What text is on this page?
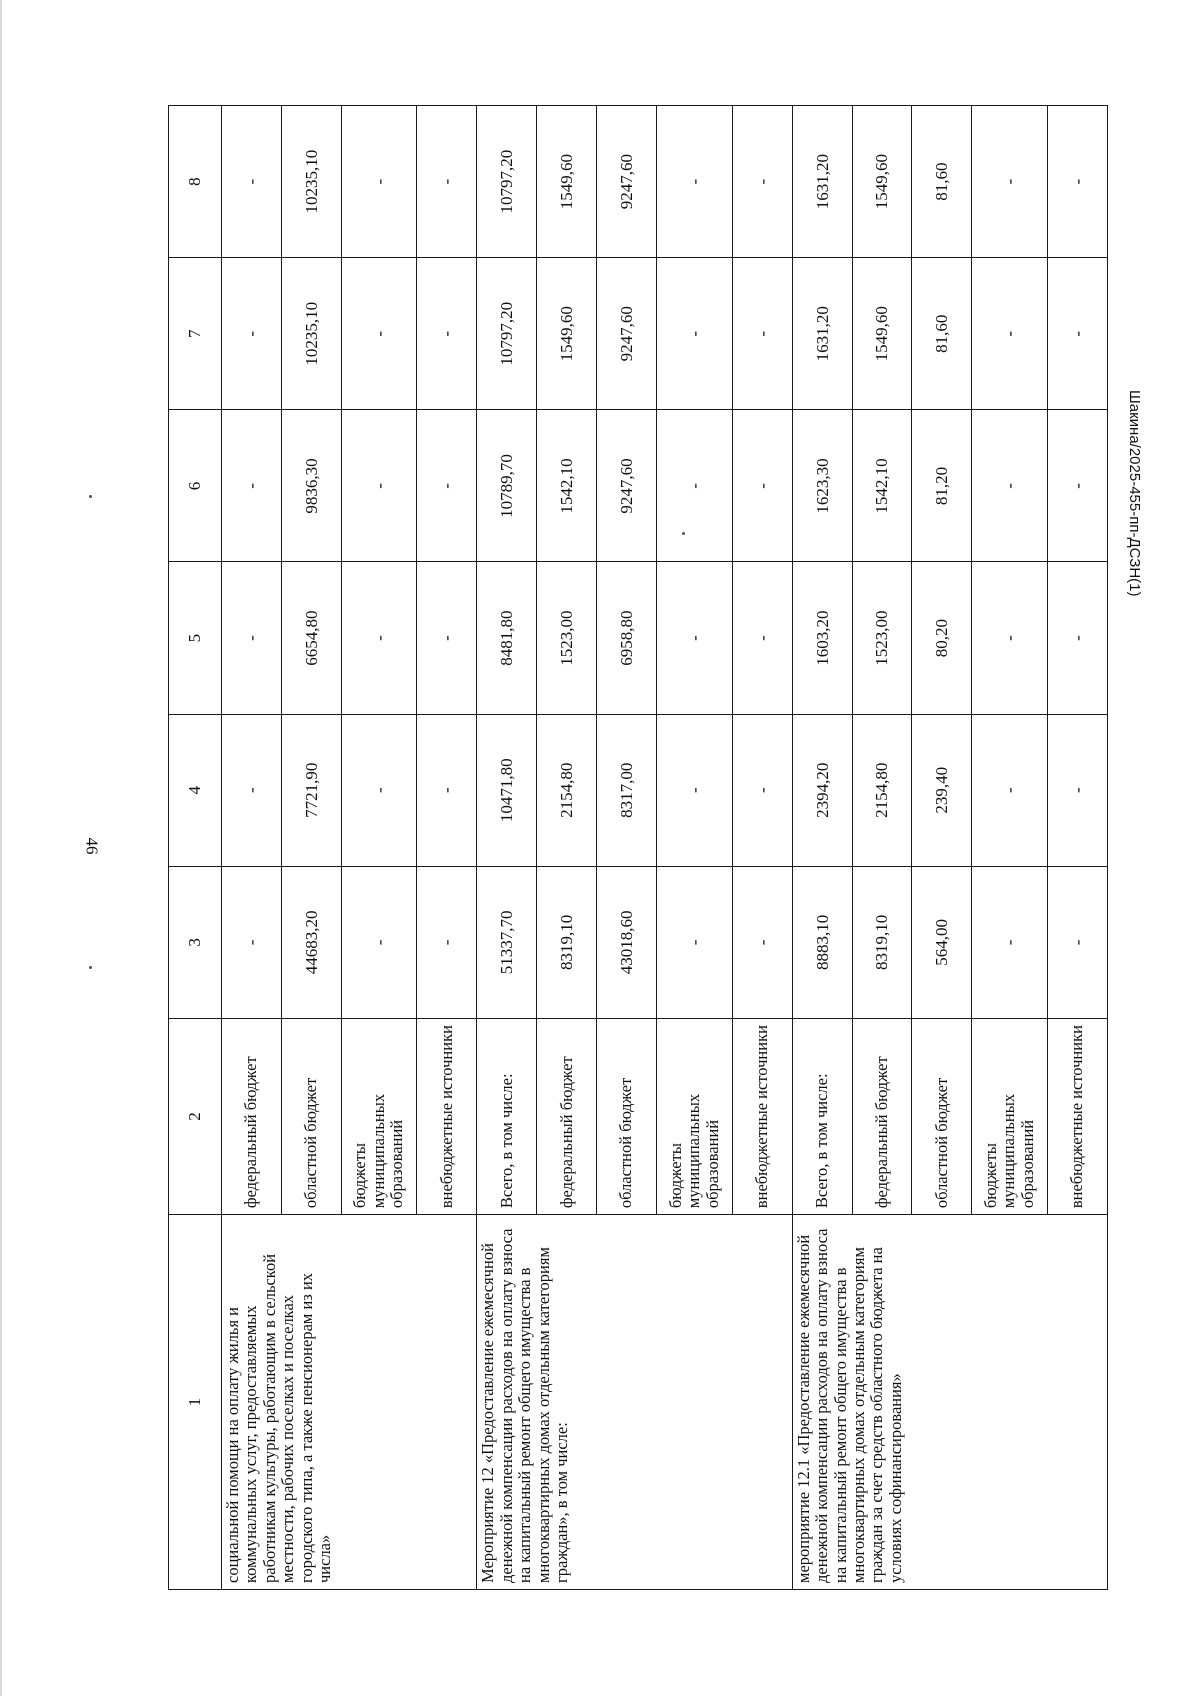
46
Шакина/2025-455-пп-ДСЗН(1)
1	2	3	4	5	6	7	8
социальной помощи на оплату жилья и коммунальных услуг, предоставляемых работникам культуры, работающим в сельской местности, рабочих поселках и поселках городского типа, а также пенсионерам из их числа»	федеральный бюджет	-	-	-	-	-	-
	областной бюджет	44683,20	7721,90	6654,80	9836,30	10235,10	10235,10
	бюджеты муниципальных образований	-	-	-	-	-	-
	внебюджетные источники	-	-	-	-	-	-
Мероприятие 12 «Предоставление ежемесячной денежной компенсации расходов на оплату взноса на капитальный ремонт общего имущества в многоквартирных домах отдельным категориям граждан», в том числе:	Всего, в том числе:	51337,70	10471,80	8481,80	10789,70	10797,20	10797,20
	федеральный бюджет	8319,10	2154,80	1523,00	1542,10	1549,60	1549,60
	областной бюджет	43018,60	8317,00	6958,80	9247,60	9247,60	9247,60
	бюджеты муниципальных образований	-	-	-	-	-	-
	внебюджетные источники	-	-	-	-	-	-
мероприятие 12.1 «Предоставление ежемесячной денежной компенсации расходов на оплату взноса на капитальный ремонт общего имущества в многоквартирных домах отдельным категориям граждан за счет средств областного бюджета на условиях софинансирования»	Всего, в том числе:	8883,10	2394,20	1603,20	1623,30	1631,20	1631,20
	федеральный бюджет	8319,10	2154,80	1523,00	1542,10	1549,60	1549,60
	областной бюджет	564,00	239,40	80,20	81,20	81,60	81,60
	бюджеты муниципальных образований	-	-	-	-	-	-
	внебюджетные источники	-	-	-	-	-	-
